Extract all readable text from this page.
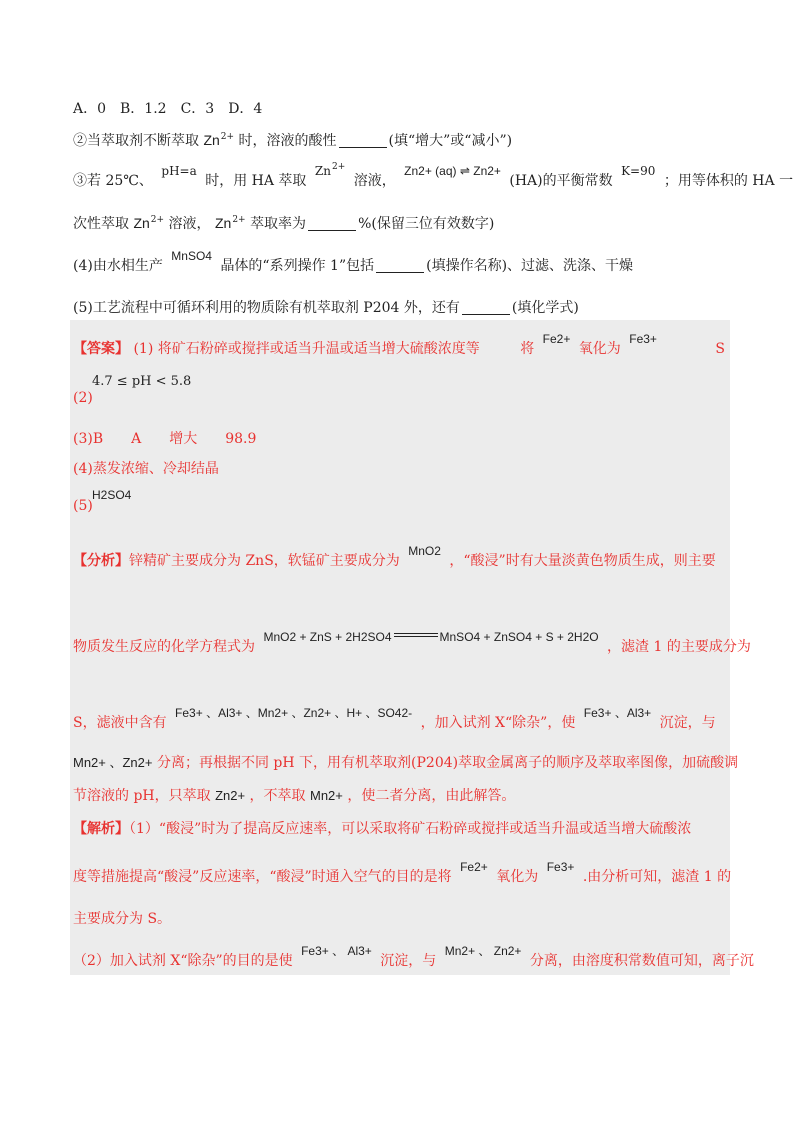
A．0　B．1.2　C．3　D．4
②当萃取剂不断萃取 $Zn^{2+}$ 时，溶液的酸性	(填“增大”或“减小”)
③若 25℃、 pH=a 时，用 HA 萃取 $Zn^{2+}$ 溶液， Zn2+ (aq) ⇌ Zn2+ (HA)的平衡常数 K=90 ；用等体积的 HA 一
次性萃取 $Zn^{2+}$ 溶液， $Zn^{2+}$ 萃取率为	%(保留三位有效数字)
(4)由水相生产 MnSO4 晶体的“系列操作 1”包括	(填操作名称)、过滤、洗涤、干燥
(5)工艺流程中可循环利用的物质除有机萃取剂 P204 外，还有	(填化学式)
【答案】 (1) 将矿石粉碎或搅拌或适当升温或适当增大硫酸浓度等	将 Fe2+ 氧化为 Fe3+ S
4.7 ≤ pH < 5.8
(2)
(3)B　　A　　增大　　98.9
(4)蒸发浓缩、冷却结晶
H2SO4
(5)
【分析】锌精矿主要成分为 ZnS，软锰矿主要成分为 MnO2 ，“酸浸”时有大量淡黄色物质生成，则主要
物质发生反应的化学方程式为 MnO2 + ZnS + 2H2SO4	MnSO4 + ZnSO4 + S + 2H2O ，滤渣 1 的主要成分为
S，滤液中含有 Fe3+ 、Al3+ 、Mn2+ 、Zn2+ 、H+ 、SO42- ，加入试剂 X“除杂”，使 Fe3+ 、Al3+ 沉淀，与
Mn2+ 、Zn2+ 分离；再根据不同 pH 下，用有机萃取剂(P204)萃取金属离子的顺序及萃取率图像，加硫酸调
节溶液的 pH，只萃取 Zn2+ ，不萃取 Mn2+ ，使二者分离，由此解答。
【解析】（1）“酸浸”时为了提高反应速率，可以采取将矿石粉碎或搅拌或适当升温或适当增大硫酸浓
度等措施提高“酸浸”反应速率，“酸浸”时通入空气的目的是将 Fe2+ 氧化为 Fe3+ .由分析可知，滤渣 1 的
主要成分为 S。
（2）加入试剂 X“除杂”的目的是使 Fe3+ 、 Al3+ 沉淀，与 Mn2+ 、 Zn2+ 分离，由溶度积常数值可知，离子沉
